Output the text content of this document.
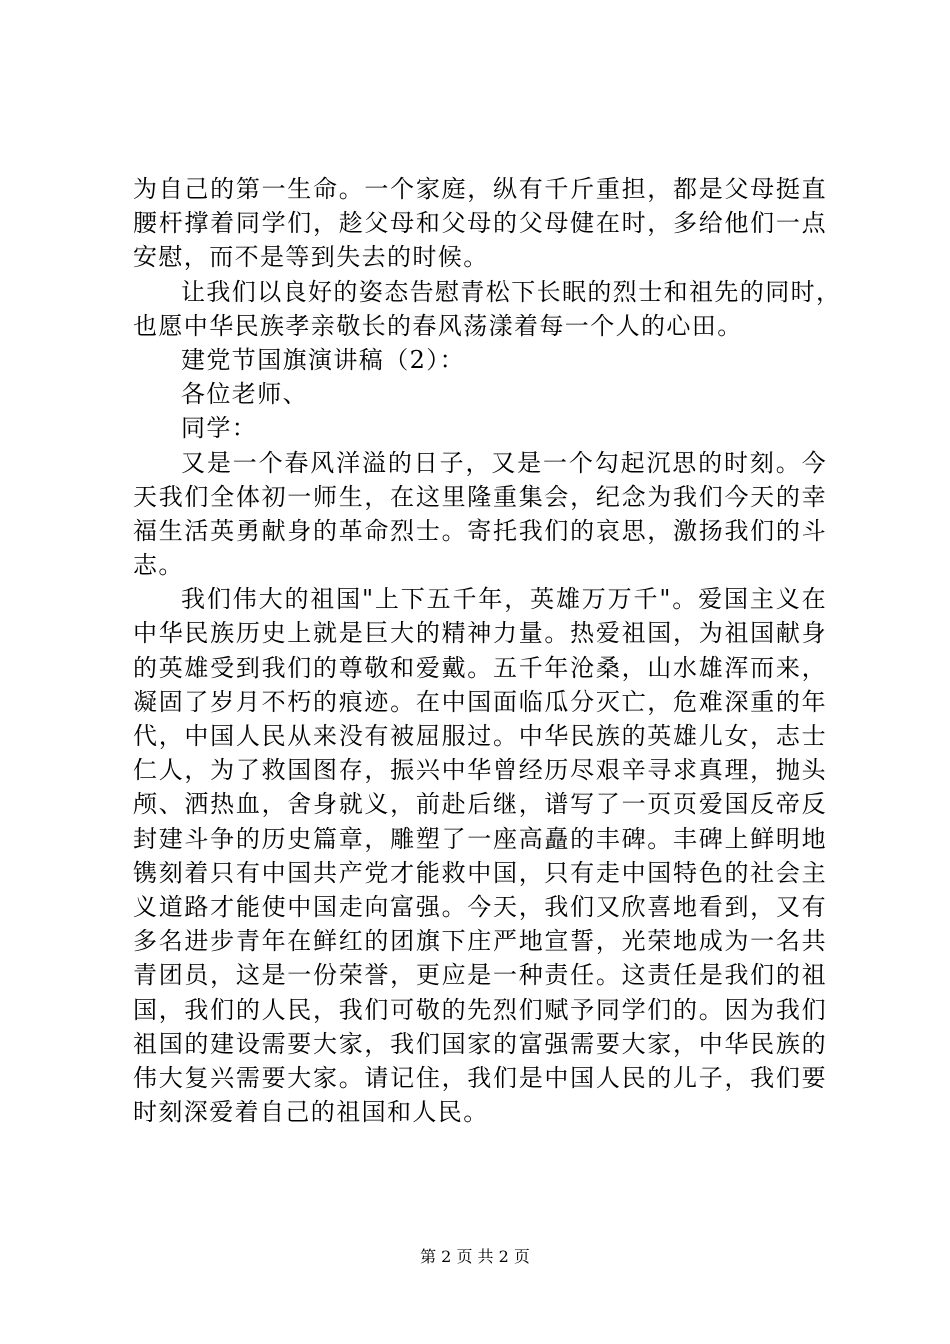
为自己的第一生命。一个家庭，纵有千斤重担，都是父母挺直
腰杆撑着同学们，趁父母和父母的父母健在时，多给他们一点
安慰，而不是等到失去的时候。
让我们以良好的姿态告慰青松下长眠的烈士和祖先的同时，
也愿中华民族孝亲敬长的春风荡漾着每一个人的心田。
建党节国旗演讲稿（2）：
各位老师、
同学：
又是一个春风洋溢的日子，又是一个勾起沉思的时刻。今
天我们全体初一师生，在这里隆重集会，纪念为我们今天的幸
福生活英勇献身的革命烈士。寄托我们的哀思，激扬我们的斗
志。
我们伟大的祖国"上下五千年，英雄万万千"。爱国主义在
中华民族历史上就是巨大的精神力量。热爱祖国，为祖国献身
的英雄受到我们的尊敬和爱戴。五千年沧桑，山水雄浑而来，
凝固了岁月不朽的痕迹。在中国面临瓜分灭亡，危难深重的年
代，中国人民从来没有被屈服过。中华民族的英雄儿女，志士
仁人，为了救国图存，振兴中华曾经历尽艰辛寻求真理，抛头
颅、洒热血，舍身就义，前赴后继，谱写了一页页爱国反帝反
封建斗争的历史篇章，雕塑了一座高矗的丰碑。丰碑上鲜明地
镌刻着只有中国共产党才能救中国，只有走中国特色的社会主
义道路才能使中国走向富强。今天，我们又欣喜地看到，又有
多名进步青年在鲜红的团旗下庄严地宣誓，光荣地成为一名共
青团员，这是一份荣誉，更应是一种责任。这责任是我们的祖
国，我们的人民，我们可敬的先烈们赋予同学们的。因为我们
祖国的建设需要大家，我们国家的富强需要大家，中华民族的
伟大复兴需要大家。请记住，我们是中国人民的儿子，我们要
时刻深爱着自己的祖国和人民。
第 2 页 共 2 页
